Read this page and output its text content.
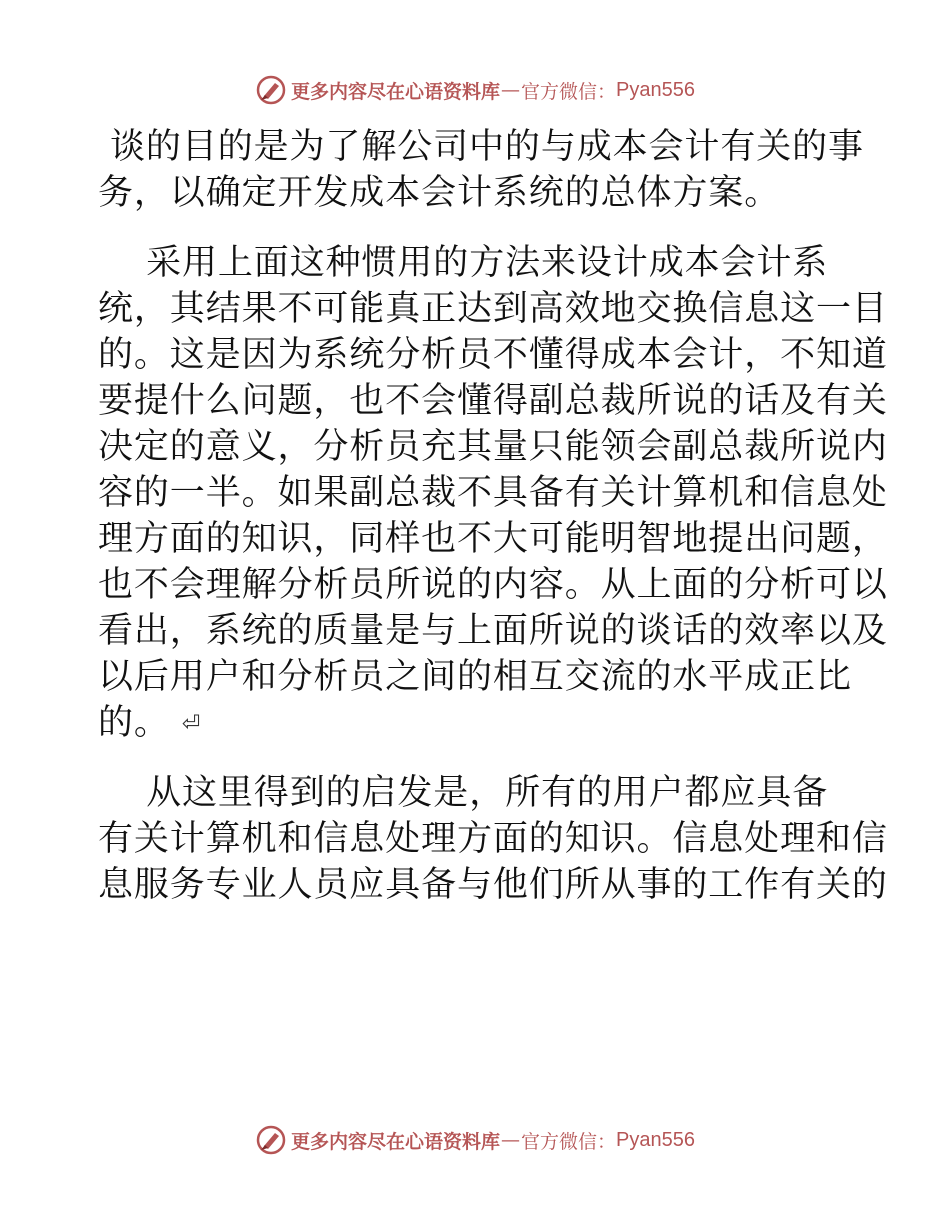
更多内容尽在心语资料库 — 官方微信： Pyan556
谈的目的是为了解公司中的与成本会计有关的事
务，以确定开发成本会计系统的总体方案。
采用上面这种惯用的方法来设计成本会计系
统，其结果不可能真正达到高效地交换信息这一目
的。这是因为系统分析员不懂得成本会计，不知道
要提什么问题，也不会懂得副总裁所说的话及有关
决定的意义，分析员充其量只能领会副总裁所说内
容的一半。如果副总裁不具备有关计算机和信息处
理方面的知识，同样也不大可能明智地提出问题，
也不会理解分析员所说的内容。从上面的分析可以
看出，系统的质量是与上面所说的谈话的效率以及
以后用户和分析员之间的相互交流的水平成正比
的。 ⏎
从这里得到的启发是，所有的用户都应具备
有关计算机和信息处理方面的知识。信息处理和信
息服务专业人员应具备与他们所从事的工作有关的
更多内容尽在心语资料库 — 官方微信： Pyan556
